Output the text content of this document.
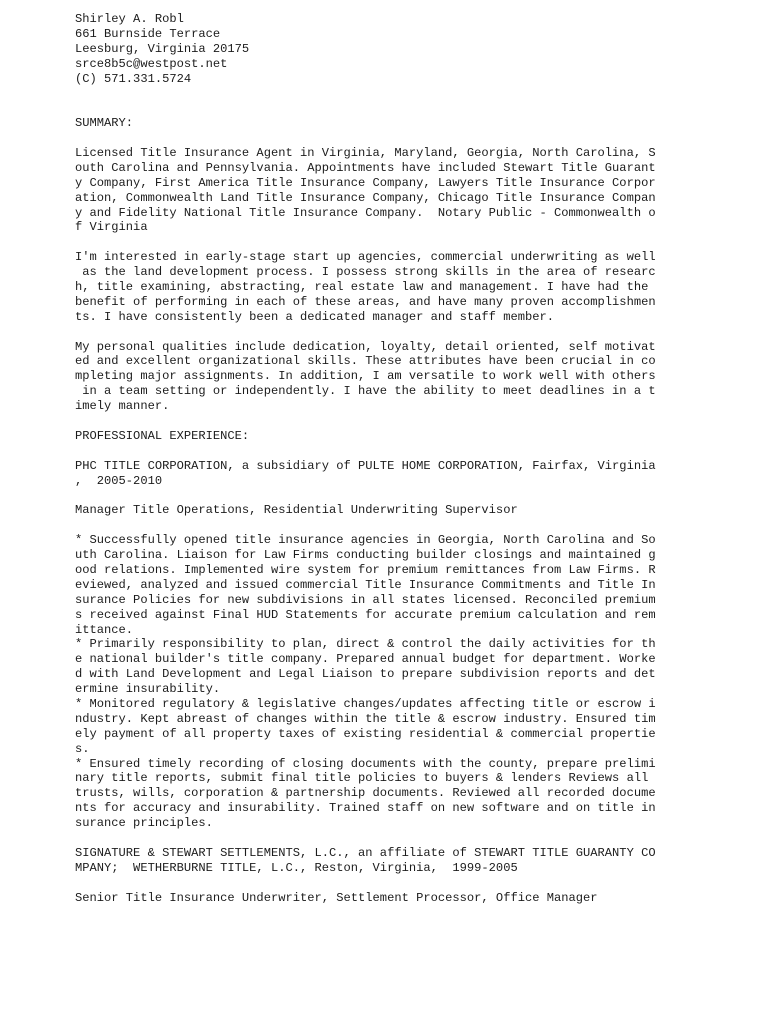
Shirley A. Robl
661 Burnside Terrace
Leesburg, Virginia 20175
srce8b5c@westpost.net
(C) 571.331.5724
SUMMARY:
Licensed Title Insurance Agent in Virginia, Maryland, Georgia, North Carolina, S
outh Carolina and Pennsylvania. Appointments have included Stewart Title Guarant
y Company, First America Title Insurance Company, Lawyers Title Insurance Corpor
ation, Commonwealth Land Title Insurance Company, Chicago Title Insurance Compan
y and Fidelity National Title Insurance Company.  Notary Public - Commonwealth o
f Virginia
I'm interested in early-stage start up agencies, commercial underwriting as well
as the land development process. I possess strong skills in the area of researc
h, title examining, abstracting, real estate law and management. I have had the
benefit of performing in each of these areas, and have many proven accomplishmen
ts. I have consistently been a dedicated manager and staff member.
My personal qualities include dedication, loyalty, detail oriented, self motivat
ed and excellent organizational skills. These attributes have been crucial in co
mpleting major assignments. In addition, I am versatile to work well with others
in a team setting or independently. I have the ability to meet deadlines in a t
imely manner.
PROFESSIONAL EXPERIENCE:
PHC TITLE CORPORATION, a subsidiary of PULTE HOME CORPORATION, Fairfax, Virginia
,  2005-2010
Manager Title Operations, Residential Underwriting Supervisor
* Successfully opened title insurance agencies in Georgia, North Carolina and So
uth Carolina. Liaison for Law Firms conducting builder closings and maintained g
ood relations. Implemented wire system for premium remittances from Law Firms. R
eviewed, analyzed and issued commercial Title Insurance Commitments and Title In
surance Policies for new subdivisions in all states licensed. Reconciled premium
s received against Final HUD Statements for accurate premium calculation and rem
ittance.
* Primarily responsibility to plan, direct & control the daily activities for th
e national builder's title company. Prepared annual budget for department. Worke
d with Land Development and Legal Liaison to prepare subdivision reports and det
ermine insurability.
* Monitored regulatory & legislative changes/updates affecting title or escrow i
ndustry. Kept abreast of changes within the title & escrow industry. Ensured tim
ely payment of all property taxes of existing residential & commercial propertie
s.
* Ensured timely recording of closing documents with the county, prepare prelimi
nary title reports, submit final title policies to buyers & lenders Reviews all
trusts, wills, corporation & partnership documents. Reviewed all recorded docume
nts for accuracy and insurability. Trained staff on new software and on title in
surance principles.
SIGNATURE & STEWART SETTLEMENTS, L.C., an affiliate of STEWART TITLE GUARANTY CO
MPANY;  WETHERBURNE TITLE, L.C., Reston, Virginia,  1999-2005
Senior Title Insurance Underwriter, Settlement Processor, Office Manager
